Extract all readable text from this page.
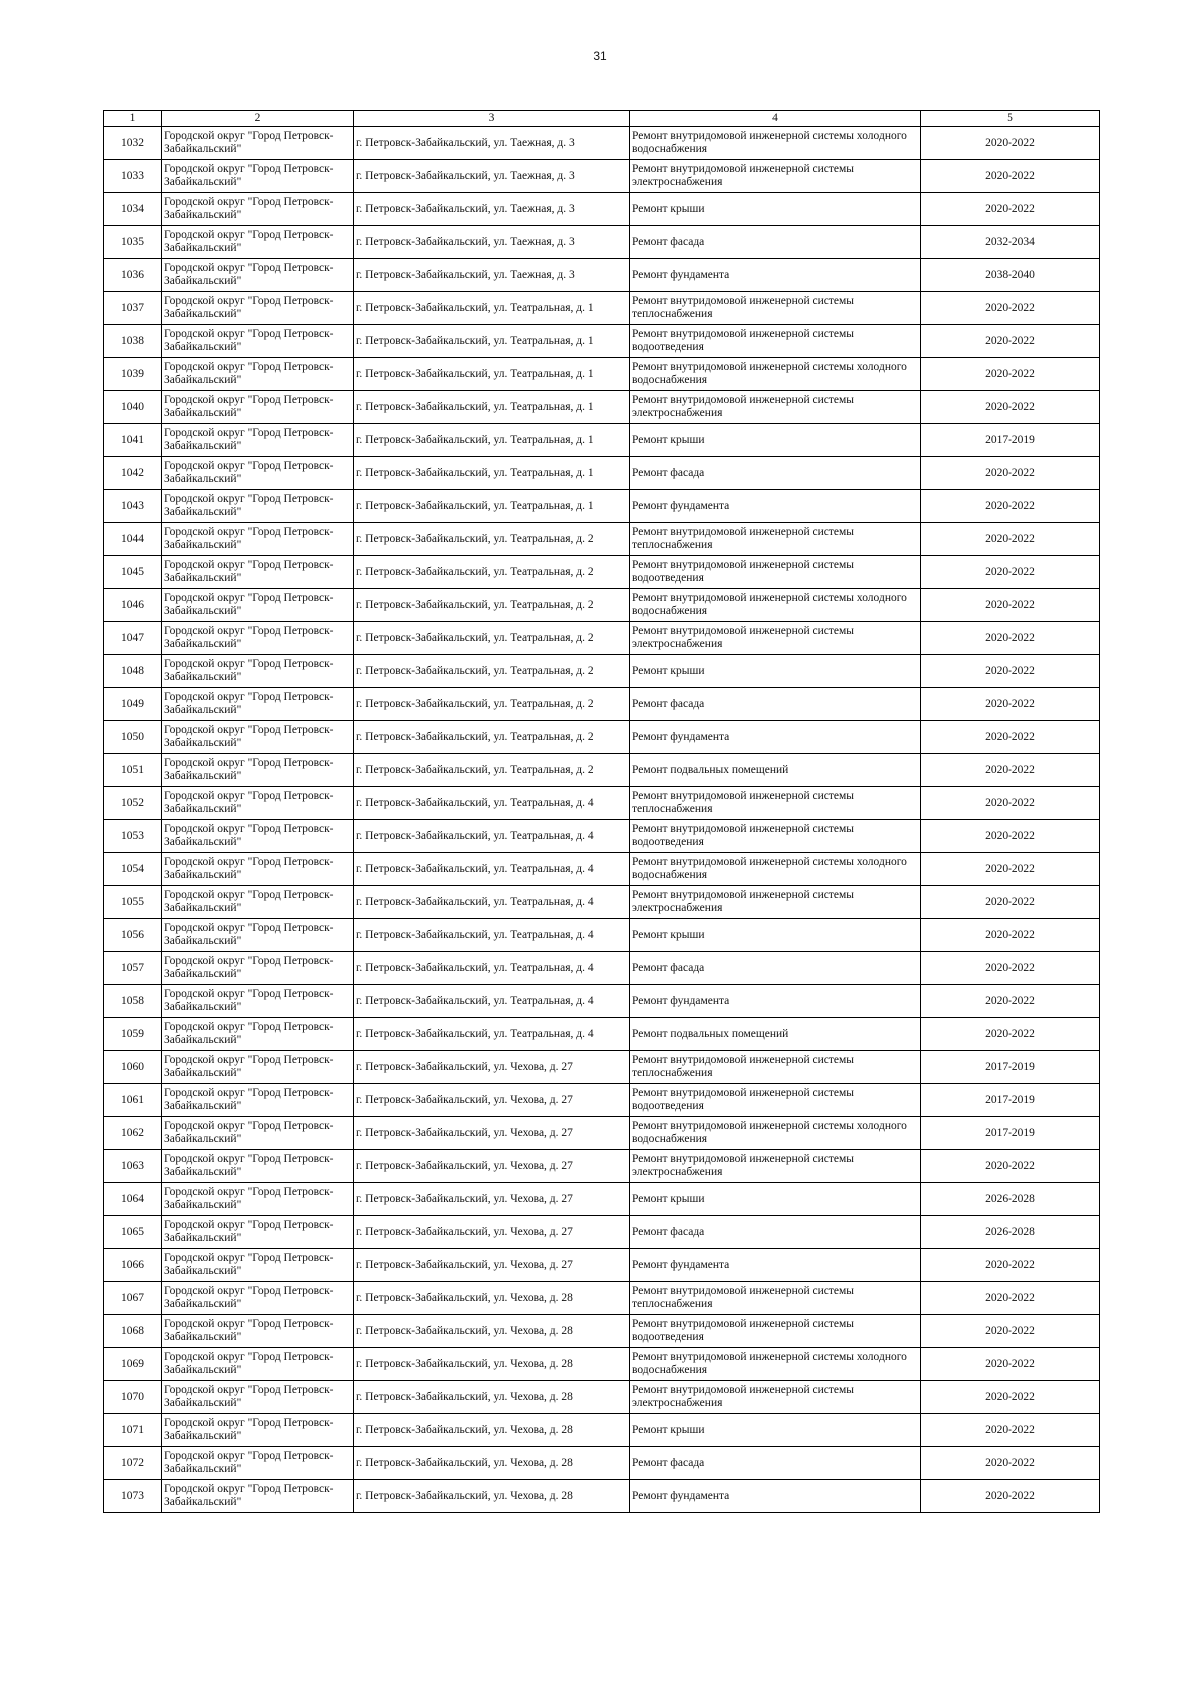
31
1	2	3	4	5
1032	Городской округ "Город Петровск-Забайкальский"	г. Петровск-Забайкальский, ул. Таежная, д. 3	Ремонт внутридомовой инженерной системы холодного водоснабжения	2020-2022
1033	Городской округ "Город Петровск-Забайкальский"	г. Петровск-Забайкальский, ул. Таежная, д. 3	Ремонт внутридомовой инженерной системы электроснабжения	2020-2022
1034	Городской округ "Город Петровск-Забайкальский"	г. Петровск-Забайкальский, ул. Таежная, д. 3	Ремонт крыши	2020-2022
1035	Городской округ "Город Петровск-Забайкальский"	г. Петровск-Забайкальский, ул. Таежная, д. 3	Ремонт фасада	2032-2034
1036	Городской округ "Город Петровск-Забайкальский"	г. Петровск-Забайкальский, ул. Таежная, д. 3	Ремонт фундамента	2038-2040
1037	Городской округ "Город Петровск-Забайкальский"	г. Петровск-Забайкальский, ул. Театральная, д. 1	Ремонт внутридомовой инженерной системы теплоснабжения	2020-2022
1038	Городской округ "Город Петровск-Забайкальский"	г. Петровск-Забайкальский, ул. Театральная, д. 1	Ремонт внутридомовой инженерной системы водоотведения	2020-2022
1039	Городской округ "Город Петровск-Забайкальский"	г. Петровск-Забайкальский, ул. Театральная, д. 1	Ремонт внутридомовой инженерной системы холодного водоснабжения	2020-2022
1040	Городской округ "Город Петровск-Забайкальский"	г. Петровск-Забайкальский, ул. Театральная, д. 1	Ремонт внутридомовой инженерной системы электроснабжения	2020-2022
1041	Городской округ "Город Петровск-Забайкальский"	г. Петровск-Забайкальский, ул. Театральная, д. 1	Ремонт крыши	2017-2019
1042	Городской округ "Город Петровск-Забайкальский"	г. Петровск-Забайкальский, ул. Театральная, д. 1	Ремонт фасада	2020-2022
1043	Городской округ "Город Петровск-Забайкальский"	г. Петровск-Забайкальский, ул. Театральная, д. 1	Ремонт фундамента	2020-2022
1044	Городской округ "Город Петровск-Забайкальский"	г. Петровск-Забайкальский, ул. Театральная, д. 2	Ремонт внутридомовой инженерной системы теплоснабжения	2020-2022
1045	Городской округ "Город Петровск-Забайкальский"	г. Петровск-Забайкальский, ул. Театральная, д. 2	Ремонт внутридомовой инженерной системы водоотведения	2020-2022
1046	Городской округ "Город Петровск-Забайкальский"	г. Петровск-Забайкальский, ул. Театральная, д. 2	Ремонт внутридомовой инженерной системы холодного водоснабжения	2020-2022
1047	Городской округ "Город Петровск-Забайкальский"	г. Петровск-Забайкальский, ул. Театральная, д. 2	Ремонт внутридомовой инженерной системы электроснабжения	2020-2022
1048	Городской округ "Город Петровск-Забайкальский"	г. Петровск-Забайкальский, ул. Театральная, д. 2	Ремонт крыши	2020-2022
1049	Городской округ "Город Петровск-Забайкальский"	г. Петровск-Забайкальский, ул. Театральная, д. 2	Ремонт фасада	2020-2022
1050	Городской округ "Город Петровск-Забайкальский"	г. Петровск-Забайкальский, ул. Театральная, д. 2	Ремонт фундамента	2020-2022
1051	Городской округ "Город Петровск-Забайкальский"	г. Петровск-Забайкальский, ул. Театральная, д. 2	Ремонт подвальных помещений	2020-2022
1052	Городской округ "Город Петровск-Забайкальский"	г. Петровск-Забайкальский, ул. Театральная, д. 4	Ремонт внутридомовой инженерной системы теплоснабжения	2020-2022
1053	Городской округ "Город Петровск-Забайкальский"	г. Петровск-Забайкальский, ул. Театральная, д. 4	Ремонт внутридомовой инженерной системы водоотведения	2020-2022
1054	Городской округ "Город Петровск-Забайкальский"	г. Петровск-Забайкальский, ул. Театральная, д. 4	Ремонт внутридомовой инженерной системы холодного водоснабжения	2020-2022
1055	Городской округ "Город Петровск-Забайкальский"	г. Петровск-Забайкальский, ул. Театральная, д. 4	Ремонт внутридомовой инженерной системы электроснабжения	2020-2022
1056	Городской округ "Город Петровск-Забайкальский"	г. Петровск-Забайкальский, ул. Театральная, д. 4	Ремонт крыши	2020-2022
1057	Городской округ "Город Петровск-Забайкальский"	г. Петровск-Забайкальский, ул. Театральная, д. 4	Ремонт фасада	2020-2022
1058	Городской округ "Город Петровск-Забайкальский"	г. Петровск-Забайкальский, ул. Театральная, д. 4	Ремонт фундамента	2020-2022
1059	Городской округ "Город Петровск-Забайкальский"	г. Петровск-Забайкальский, ул. Театральная, д. 4	Ремонт подвальных помещений	2020-2022
1060	Городской округ "Город Петровск-Забайкальский"	г. Петровск-Забайкальский, ул. Чехова, д. 27	Ремонт внутридомовой инженерной системы теплоснабжения	2017-2019
1061	Городской округ "Город Петровск-Забайкальский"	г. Петровск-Забайкальский, ул. Чехова, д. 27	Ремонт внутридомовой инженерной системы водоотведения	2017-2019
1062	Городской округ "Город Петровск-Забайкальский"	г. Петровск-Забайкальский, ул. Чехова, д. 27	Ремонт внутридомовой инженерной системы холодного водоснабжения	2017-2019
1063	Городской округ "Город Петровск-Забайкальский"	г. Петровск-Забайкальский, ул. Чехова, д. 27	Ремонт внутридомовой инженерной системы электроснабжения	2020-2022
1064	Городской округ "Город Петровск-Забайкальский"	г. Петровск-Забайкальский, ул. Чехова, д. 27	Ремонт крыши	2026-2028
1065	Городской округ "Город Петровск-Забайкальский"	г. Петровск-Забайкальский, ул. Чехова, д. 27	Ремонт фасада	2026-2028
1066	Городской округ "Город Петровск-Забайкальский"	г. Петровск-Забайкальский, ул. Чехова, д. 27	Ремонт фундамента	2020-2022
1067	Городской округ "Город Петровск-Забайкальский"	г. Петровск-Забайкальский, ул. Чехова, д. 28	Ремонт внутридомовой инженерной системы теплоснабжения	2020-2022
1068	Городской округ "Город Петровск-Забайкальский"	г. Петровск-Забайкальский, ул. Чехова, д. 28	Ремонт внутридомовой инженерной системы водоотведения	2020-2022
1069	Городской округ "Город Петровск-Забайкальский"	г. Петровск-Забайкальский, ул. Чехова, д. 28	Ремонт внутридомовой инженерной системы холодного водоснабжения	2020-2022
1070	Городской округ "Город Петровск-Забайкальский"	г. Петровск-Забайкальский, ул. Чехова, д. 28	Ремонт внутридомовой инженерной системы электроснабжения	2020-2022
1071	Городской округ "Город Петровск-Забайкальский"	г. Петровск-Забайкальский, ул. Чехова, д. 28	Ремонт крыши	2020-2022
1072	Городской округ "Город Петровск-Забайкальский"	г. Петровск-Забайкальский, ул. Чехова, д. 28	Ремонт фасада	2020-2022
1073	Городской округ "Город Петровск-Забайкальский"	г. Петровск-Забайкальский, ул. Чехова, д. 28	Ремонт фундамента	2020-2022
